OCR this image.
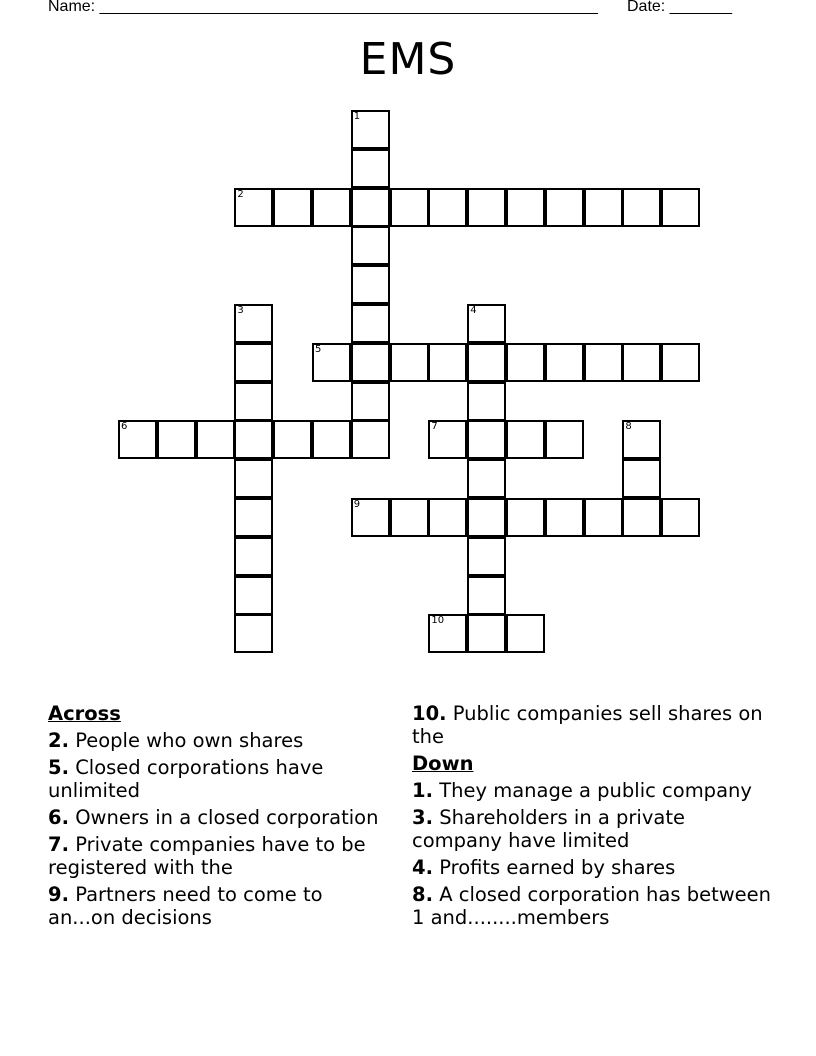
Name: ________________________________________________________ Date: _______
EMS
1
2
3	4
5
6	7	8
9
10
Across
2. People who own shares
5. Closed corporations have unlimited
6. Owners in a closed corporation
7. Private companies have to be registered with the
9. Partners need to come to an...on decisions
10. Public companies sell shares on the
Down
1. They manage a public company
3. Shareholders in a private company have limited
4. Profits earned by shares
8. A closed corporation has between 1 and........members
